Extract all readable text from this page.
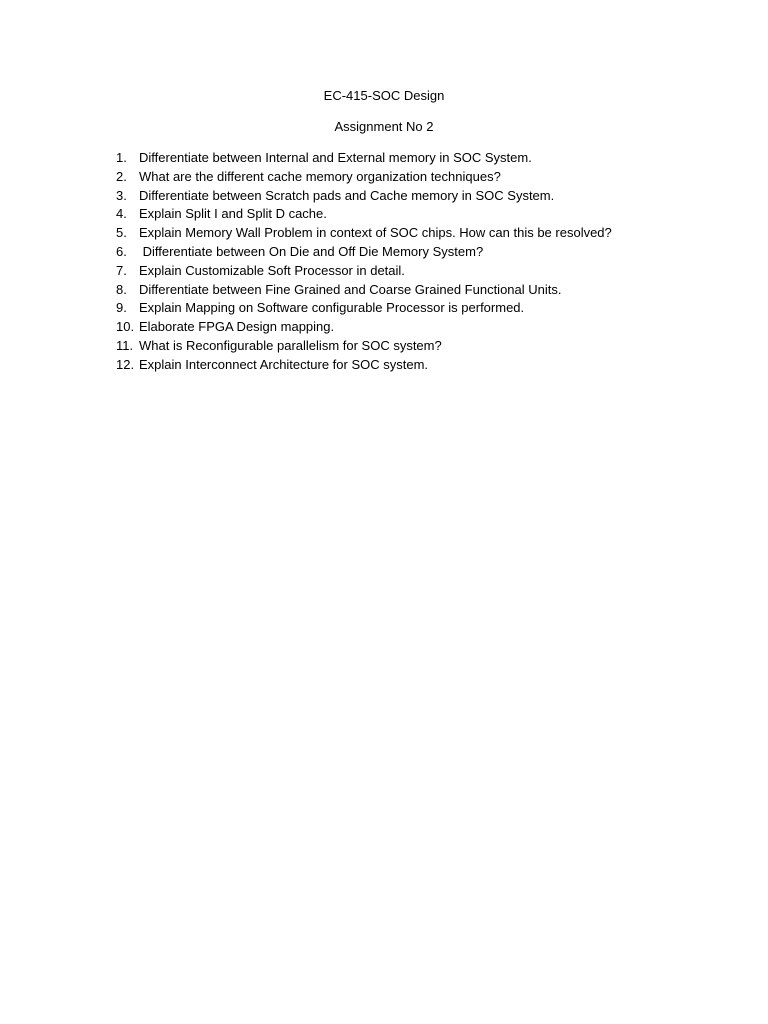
EC-415-SOC Design
Assignment No 2
1. Differentiate between Internal and External memory in SOC System.
2. What are the different cache memory organization techniques?
3. Differentiate between Scratch pads and Cache memory in SOC System.
4. Explain Split I and Split D cache.
5. Explain Memory Wall Problem in context of SOC chips. How can this be resolved?
6. Differentiate between On Die and Off Die Memory System?
7. Explain Customizable Soft Processor in detail.
8. Differentiate between Fine Grained and Coarse Grained Functional Units.
9. Explain Mapping on Software configurable Processor is performed.
10. Elaborate FPGA Design mapping.
11. What is Reconfigurable parallelism for SOC system?
12. Explain Interconnect Architecture for SOC system.
